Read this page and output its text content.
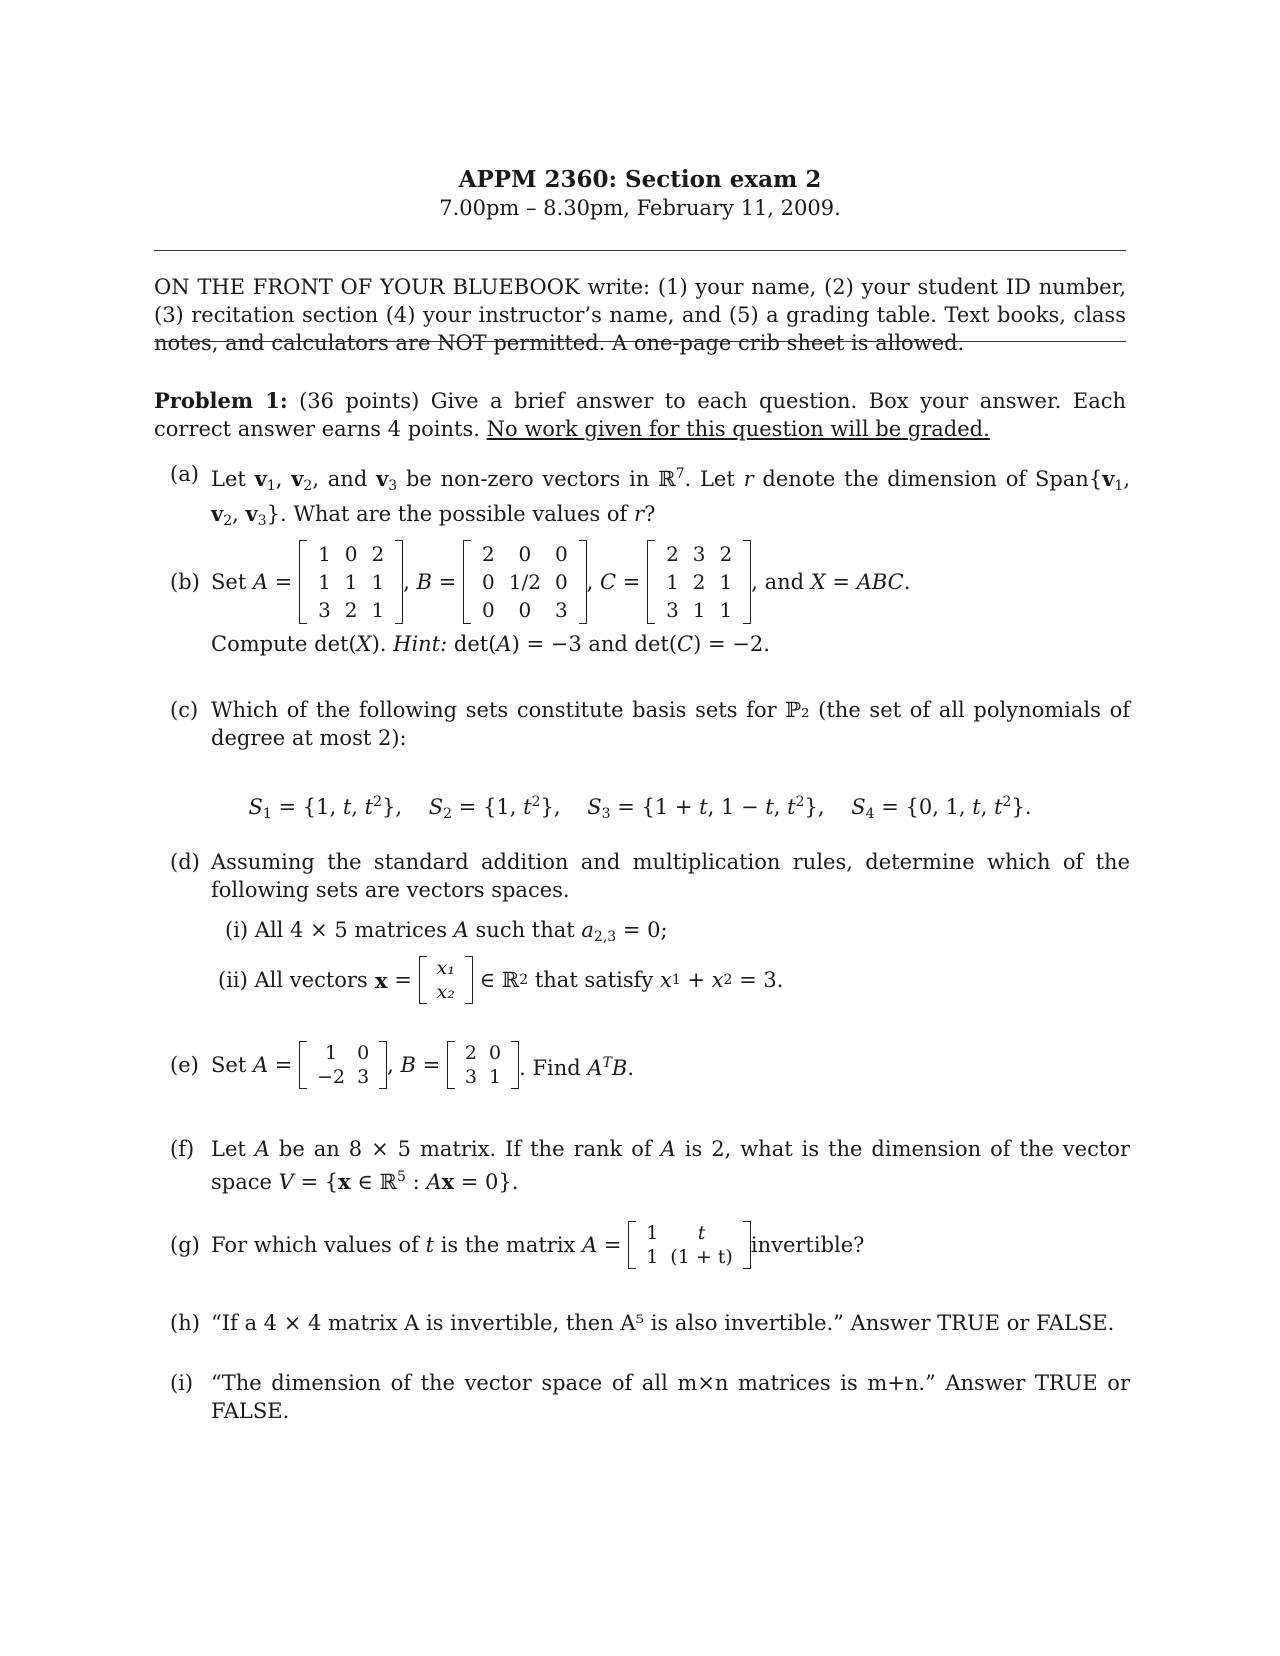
APPM 2360: Section exam 2
7.00pm – 8.30pm, February 11, 2009.
ON THE FRONT OF YOUR BLUEBOOK write: (1) your name, (2) your student ID number, (3) recitation section (4) your instructor’s name, and (5) a grading table. Text books, class notes, and calculators are NOT permitted. A one-page crib sheet is allowed.
Problem 1: (36 points) Give a brief answer to each question. Box your answer. Each correct answer earns 4 points. No work given for this question will be graded.
(a) Let $v_1$, $v_2$, and $v_3$ be non-zero vectors in ℝ$^7$. Let r denote the dimension of $Span\{v_1$, $v_2$, $v_3$}. What are the possible values of r?
(b) Set A =
1	0	2
1	1	1
3	2	1
, B =
2	0	0
0	1/2	0
0	0	3
, C =
2	3	2
1	2	1
3	1	1
, and X = ABC.
Compute det(X). Hint: det(A) = −3 and det(C) = −2.
(c) Which of the following sets constitute basis sets for ℙ₂ (the set of all polynomials of degree at most 2):
$S_1 = \{1$, t, $t^2$},    $S_2 = \{1$, $t^2$},    $S_3 = \{1 + t$, 1 − t, $t^2$},    $S_4 = \{0$, 1, t, $t^2$}.
(d) Assuming the standard addition and multiplication rules, determine which of the following sets are vectors spaces.
(i) All 4 × 5 matrices A such that $a_{2,3} = 0$;
(ii) All vectors x = x₁
x₂ ∈ ℝ 2 that satisfy x 1 + x 2 = 3.
(e) Set A = 1	0
−2	3 , B = 2	0
3	1 . Find $A^TB$.
(f) Let A be an 8 × 5 matrix. If the rank of A is 2, what is the dimension of the vector space V = {x ∈ ℝ$^5$ : Ax = 0}.
(g) For which values of t is the matrix A = 1	t
1	(1 + t) invertible?
(h) “If a 4 × 4 matrix A is invertible, then A⁵ is also invertible.” Answer TRUE or FALSE.
(i) “The dimension of the vector space of all m×n matrices is m+n.” Answer TRUE or FALSE.
